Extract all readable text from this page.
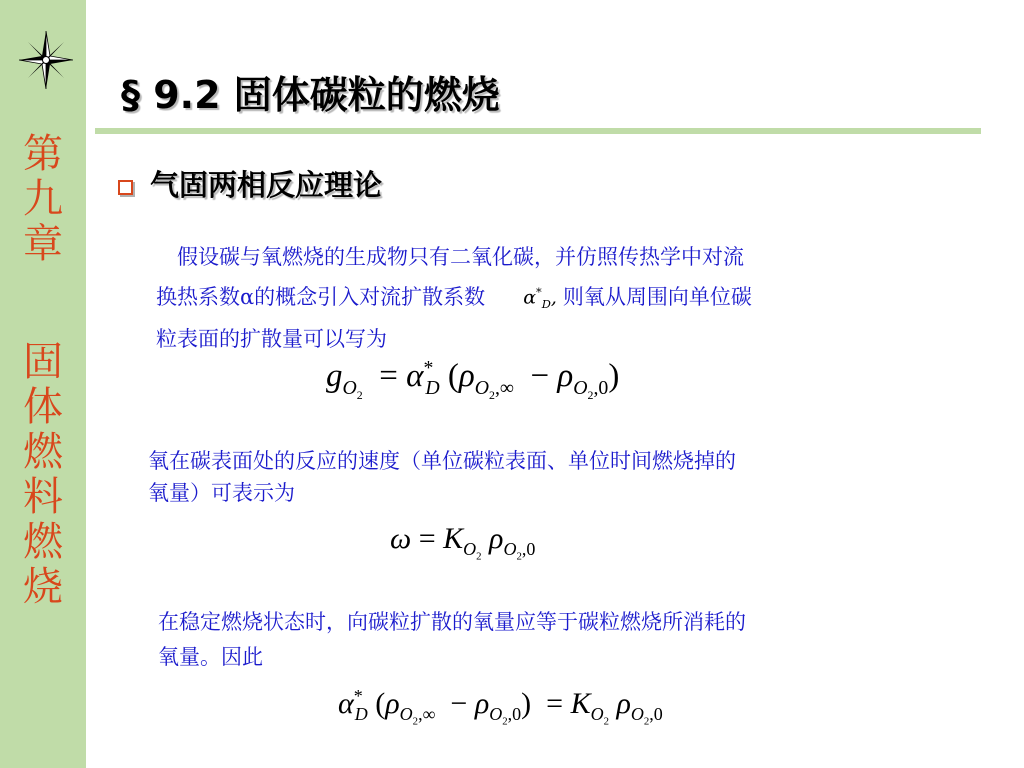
第
九
章
固
体
燃
料
燃
烧
§ 9.2 固体碳粒的燃烧
气固两相反应理论
假设碳与氧燃烧的生成物只有二氧化碳，并仿照传热学中对流
换热系数α的概念引入对流扩散系数 $\alpha^*_D$, 则氧从周围向单位碳
粒表面的扩散量可以写为
$g_{O_2} = \alpha^*_D$ $(\rho_{O_2,\infty} - \rho_{O_2,0})$
氧在碳表面处的反应的速度（单位碳粒表面、单位时间燃烧掉的
氧量）可表示为
$\omega = K_{O_2}$ $\rho_{O_2,0}$
在稳定燃烧状态时，向碳粒扩散的氧量应等于碳粒燃烧所消耗的
氧量。因此
$\alpha^*_D$ $(\rho_{O_2,\infty} - \rho_{O_2,0}) = K_{O_2}$ $\rho_{O_2,0}$
